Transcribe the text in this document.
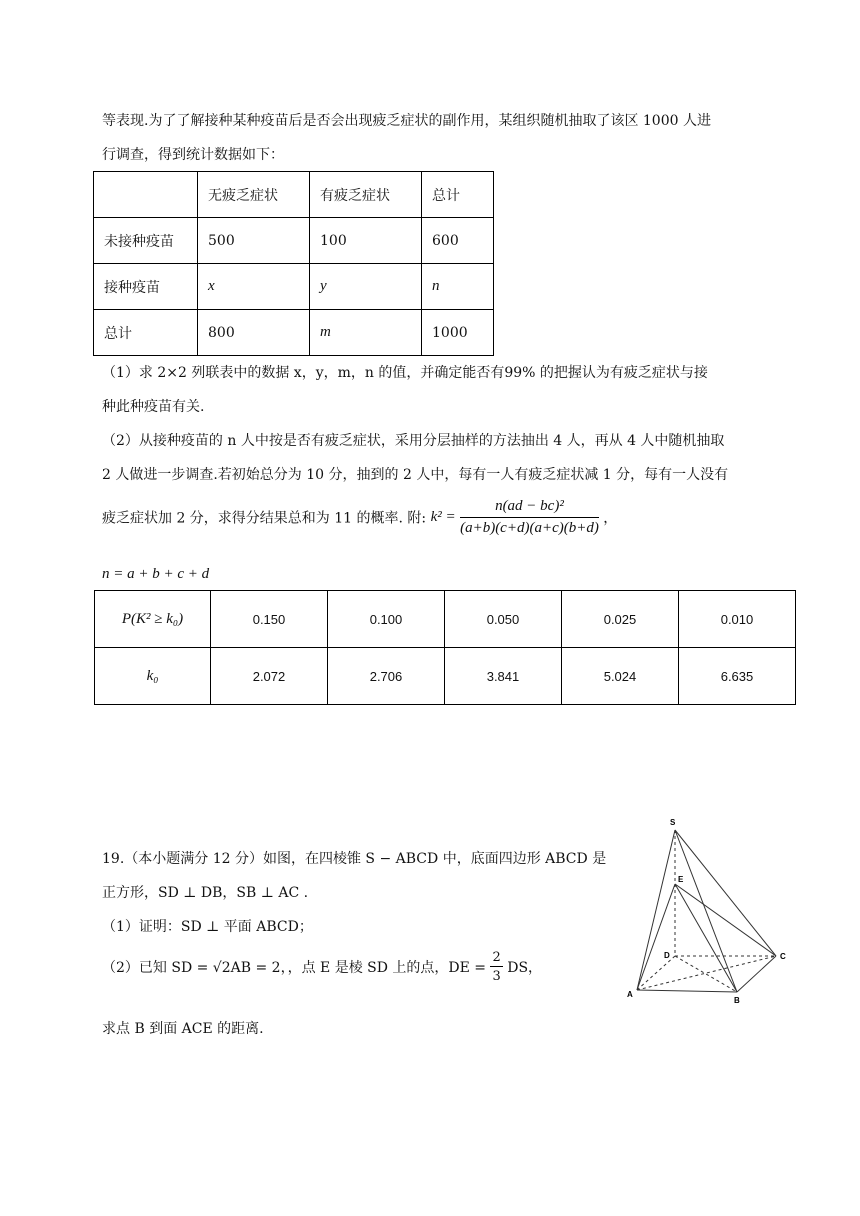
等表现.为了了解接种某种疫苗后是否会出现疲乏症状的副作用，某组织随机抽取了该区 1000 人进
行调查，得到统计数据如下：
	无疲乏症状	有疲乏症状	总计
未接种疫苗	500	100	600
接种疫苗	x	y	n
总计	800	m	1000
（1）求 2×2 列联表中的数据 x，y，m，n 的值，并确定能否有99% 的把握认为有疲乏症状与接
种此种疫苗有关.
（2）从接种疫苗的 n 人中按是否有疲乏症状，采用分层抽样的方法抽出 4 人，再从 4 人中随机抽取
2 人做进一步调查.若初始总分为 10 分，抽到的 2 人中，每有一人有疲乏症状减 1 分，每有一人没有
疲乏症状加 2 分，求得分结果总和为 11 的概率. 附: $k^2 = \frac{\text{n(ad − bc)²}}{(a+b)(c+d)(a+c)(b+d)}$ ，
n = a + b + c + d
P(K² ≥ k₀)	0.150	0.100	0.050	0.025	0.010
k₀	2.072	2.706	3.841	5.024	6.635
19.（本小题满分 12 分）如图，在四棱锥 S − ABCD 中，底面四边形 ABCD 是
正方形，SD ⊥ DB，SB ⊥ AC .
（1）证明：SD ⊥ 平面 ABCD；
（2）已知 SD = √2AB = 2，，点 E 是棱 SD 上的点，DE = $\frac{2}{3}$ DS，
求点 B 到面 ACE 的距离.
S
E
D	C
A
B
